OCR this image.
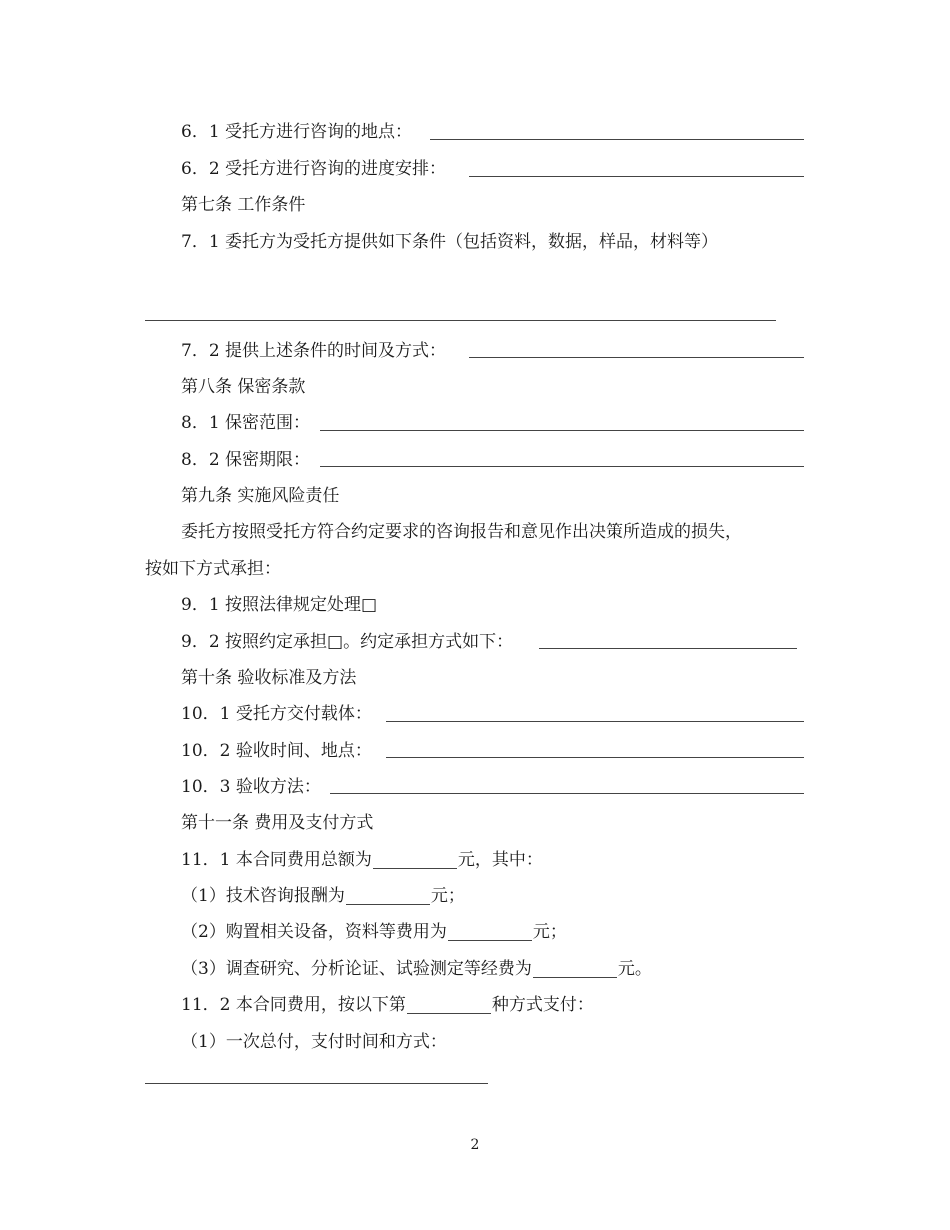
6．1 受托方进行咨询的地点：
6．2 受托方进行咨询的进度安排：
第七条 工作条件
7．1 委托方为受托方提供如下条件（包括资料，数据，样品，材料等）
7．2 提供上述条件的时间及方式：
第八条 保密条款
8．1 保密范围：
8．2 保密期限：
第九条 实施风险责任
委托方按照受托方符合约定要求的咨询报告和意见作出决策所造成的损失，
按如下方式承担：
9．1 按照法律规定处理□
9．2 按照约定承担□。约定承担方式如下：
第十条 验收标准及方法
10．1 受托方交付载体：
10．2 验收时间、地点：
10．3 验收方法：
第十一条 费用及支付方式
11．1 本合同费用总额为	元，其中：
（1）技术咨询报酬为	元；
（2）购置相关设备，资料等费用为	元；
（3）调查研究、分析论证、试验测定等经费为	元。
11．2 本合同费用，按以下第	种方式支付：
（1）一次总付，支付时间和方式：
2
